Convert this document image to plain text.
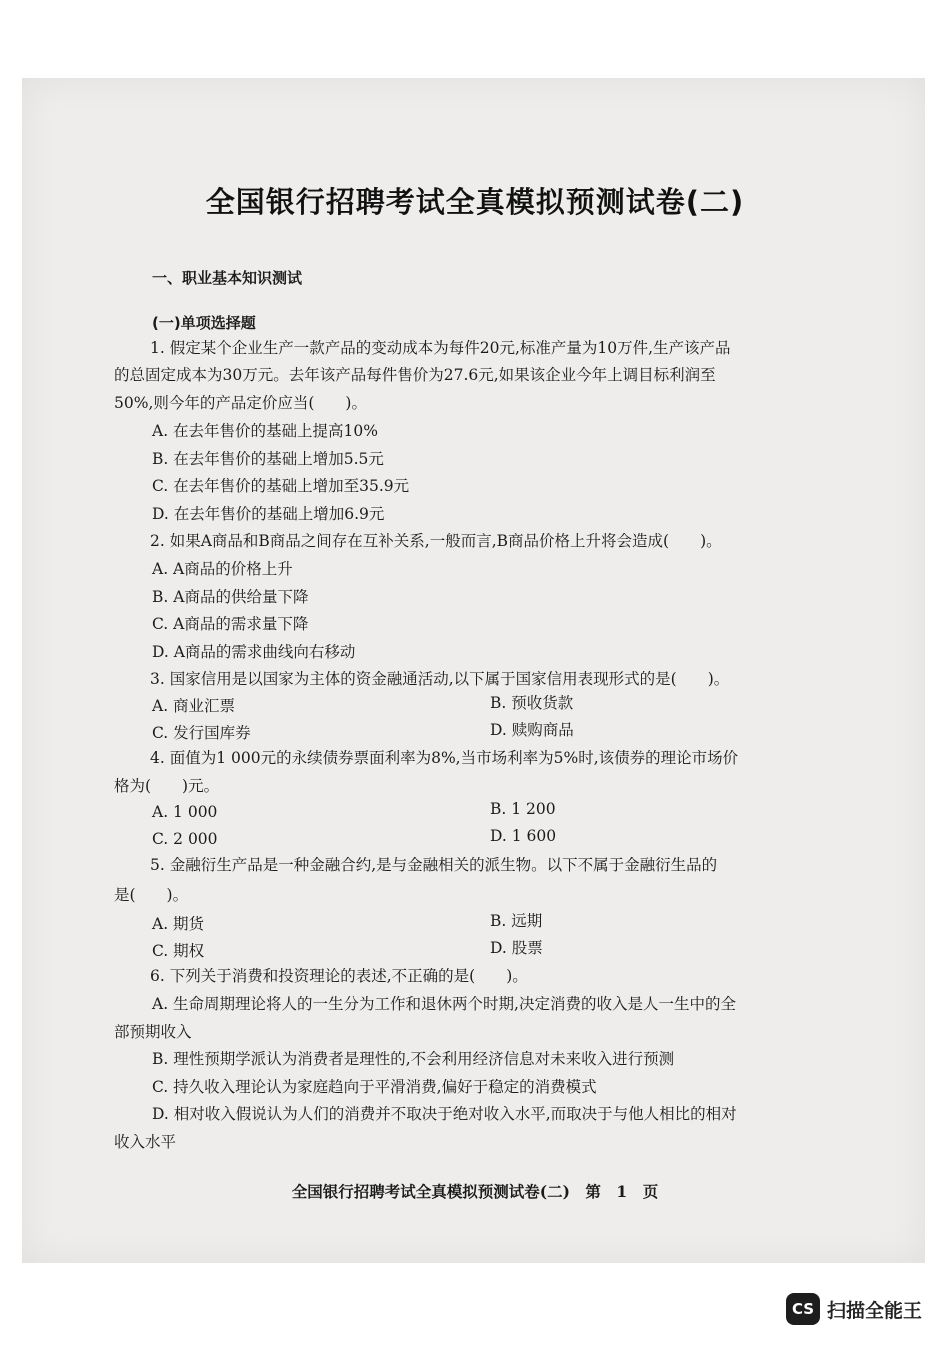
全国银行招聘考试全真模拟预测试卷(二)
一、职业基本知识测试
(一)单项选择题
1. 假定某个企业生产一款产品的变动成本为每件20元,标准产量为10万件,生产该产品
的总固定成本为30万元。去年该产品每件售价为27.6元,如果该企业今年上调目标利润至
50%,则今年的产品定价应当(　　)。
A. 在去年售价的基础上提高10%
B. 在去年售价的基础上增加5.5元
C. 在去年售价的基础上增加至35.9元
D. 在去年售价的基础上增加6.9元
2. 如果A商品和B商品之间存在互补关系,一般而言,B商品价格上升将会造成(　　)。
A. A商品的价格上升
B. A商品的供给量下降
C. A商品的需求量下降
D. A商品的需求曲线向右移动
3. 国家信用是以国家为主体的资金融通活动,以下属于国家信用表现形式的是(　　)。
A. 商业汇票	B. 预收货款
C. 发行国库券	D. 赎购商品
4. 面值为1 000元的永续债券票面利率为8%,当市场利率为5%时,该债券的理论市场价
格为(　　)元。
A. 1 000	B. 1 200
C. 2 000	D. 1 600
5. 金融衍生产品是一种金融合约,是与金融相关的派生物。以下不属于金融衍生品的
是(　　)。
A. 期货	B. 远期
C. 期权	D. 股票
6. 下列关于消费和投资理论的表述,不正确的是(　　)。
A. 生命周期理论将人的一生分为工作和退休两个时期,决定消费的收入是人一生中的全
部预期收入
B. 理性预期学派认为消费者是理性的,不会利用经济信息对未来收入进行预测
C. 持久收入理论认为家庭趋向于平滑消费,偏好于稳定的消费模式
D. 相对收入假说认为人们的消费并不取决于绝对收入水平,而取决于与他人相比的相对
收入水平
全国银行招聘考试全真模拟预测试卷(二)　第　1　页
CS 扫描全能王
